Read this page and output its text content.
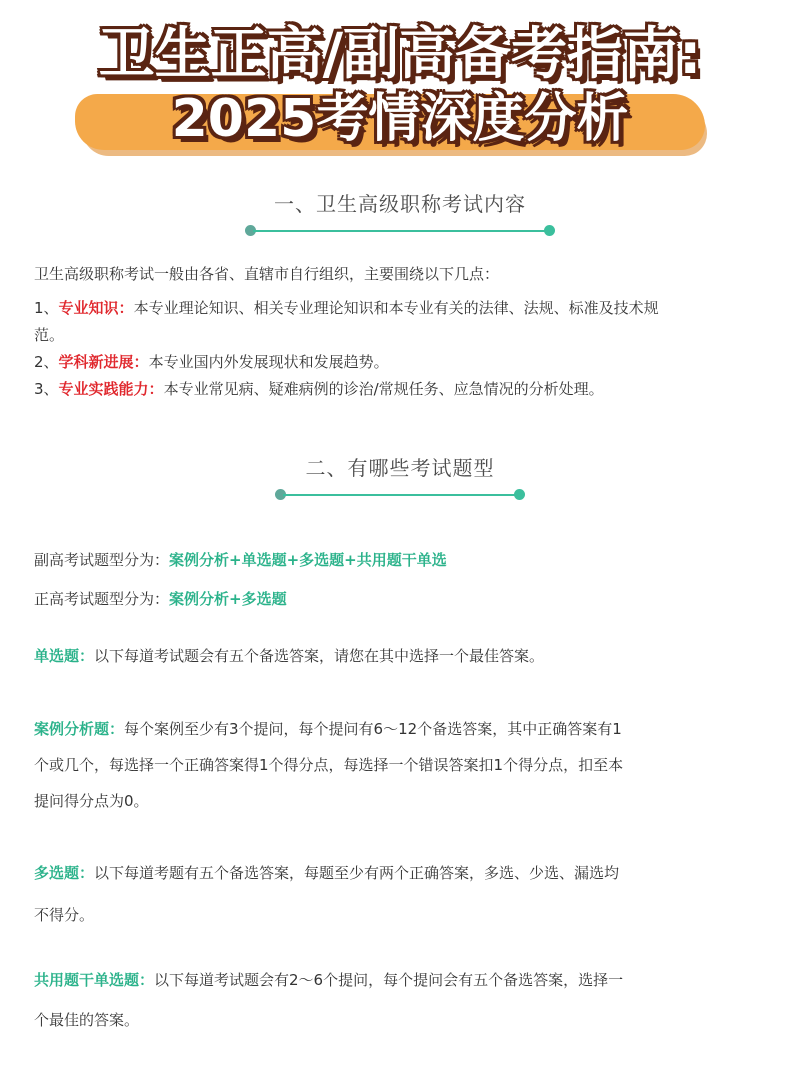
卫生正高/副高备考指南:
2025考情深度分析
一、卫生高级职称考试内容
卫生高级职称考试一般由各省、直辖市自行组织，主要围绕以下几点：
1、专业知识：本专业理论知识、相关专业理论知识和本专业有关的法律、法规、标准及技术规
范。
2、学科新进展：本专业国内外发展现状和发展趋势。
3、专业实践能力：本专业常见病、疑难病例的诊治/常规任务、应急情况的分析处理。
二、有哪些考试题型
副高考试题型分为：案例分析+单选题+多选题+共用题干单选
正高考试题型分为：案例分析+多选题
单选题：以下每道考试题会有五个备选答案，请您在其中选择一个最佳答案。
案例分析题：每个案例至少有3个提问，每个提问有6～12个备选答案，其中正确答案有1
个或几个，每选择一个正确答案得1个得分点，每选择一个错误答案扣1个得分点，扣至本
提问得分点为0。
多选题：以下每道考题有五个备选答案，每题至少有两个正确答案，多选、少选、漏选均
不得分。
共用题干单选题：以下每道考试题会有2～6个提问，每个提问会有五个备选答案，选择一
个最佳的答案。
